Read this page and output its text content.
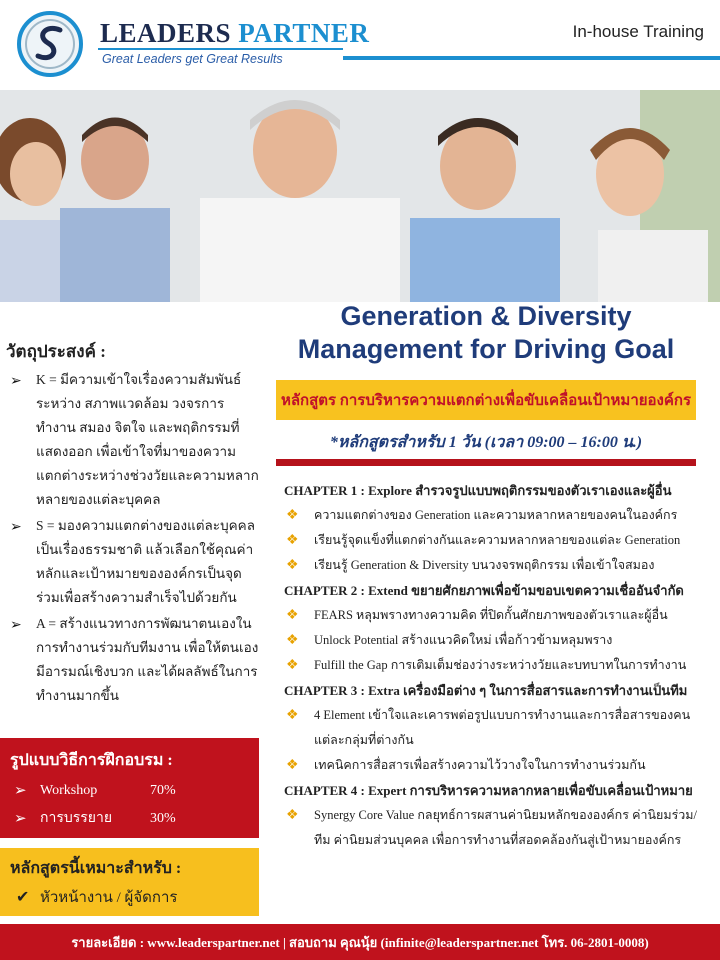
LEADERS PARTNER
Great Leaders get Great Results
In-house Training
Generation & Diversity
Management for Driving Goal
หลักสูตร การบริหารความแตกต่างเพื่อขับเคลื่อนเป้าหมายองค์กร
*หลักสูตรสำหรับ 1 วัน (เวลา 09:00 – 16:00 น.)
วัตถุประสงค์ :
➢ K = มีความเข้าใจเรื่องความสัมพันธ์ระหว่าง สภาพแวดล้อม วงจรการทำงาน สมอง จิตใจ และพฤติกรรมที่แสดงออก เพื่อเข้าใจที่มาของความแตกต่างระหว่างช่วงวัยและความหลากหลายของแต่ละบุคคล
➢ S = มองความแตกต่างของแต่ละบุคคลเป็นเรื่องธรรมชาติ แล้วเลือกใช้คุณค่าหลักและเป้าหมายขององค์กรเป็นจุดร่วมเพื่อสร้างความสำเร็จไปด้วยกัน
➢ A = สร้างแนวทางการพัฒนาตนเองในการทำงานร่วมกับทีมงาน เพื่อให้ตนเองมีอารมณ์เชิงบวก และได้ผลลัพธ์ในการทำงานมากขึ้น
รูปแบบวิธีการฝึกอบรม :
➢ Workshop	70%
➢ การบรรยาย	30%
หลักสูตรนี้เหมาะสำหรับ :
✔ หัวหน้างาน / ผู้จัดการ
CHAPTER 1 : Explore สำรวจรูปแบบพฤติกรรมของตัวเราเองและผู้อื่น
❖ ความแตกต่างของ Generation และความหลากหลายของคนในองค์กร
❖ เรียนรู้จุดแข็งที่แตกต่างกันและความหลากหลายของแต่ละ Generation
❖ เรียนรู้ Generation & Diversity บนวงจรพฤติกรรม เพื่อเข้าใจสมอง
CHAPTER 2 : Extend ขยายศักยภาพเพื่อข้ามขอบเขตความเชื่ออันจำกัด
❖ FEARS หลุมพรางทางความคิด ที่ปิดกั้นศักยภาพของตัวเราและผู้อื่น
❖ Unlock Potential สร้างแนวคิดใหม่ เพื่อก้าวข้ามหลุมพราง
❖ Fulfill the Gap การเติมเต็มช่องว่างระหว่างวัยและบทบาทในการทำงาน
CHAPTER 3 : Extra เครื่องมือต่าง ๆ ในการสื่อสารและการทำงานเป็นทีม
❖ 4 Element เข้าใจและเคารพต่อรูปแบบการทำงานและการสื่อสารของคนแต่ละกลุ่มที่ต่างกัน
❖ เทคนิคการสื่อสารเพื่อสร้างความไว้วางใจในการทำงานร่วมกัน
CHAPTER 4 : Expert การบริหารความหลากหลายเพื่อขับเคลื่อนเป้าหมาย
❖ Synergy Core Value กลยุทธ์การผสานค่านิยมหลักขององค์กร ค่านิยมร่วม/ทีม ค่านิยมส่วนบุคคล เพื่อการทำงานที่สอดคล้องกันสู่เป้าหมายองค์กร
รายละเอียด : www.leaderspartner.net | สอบถาม คุณนุ้ย (infinite@leaderspartner.net โทร. 06-2801-0008)
